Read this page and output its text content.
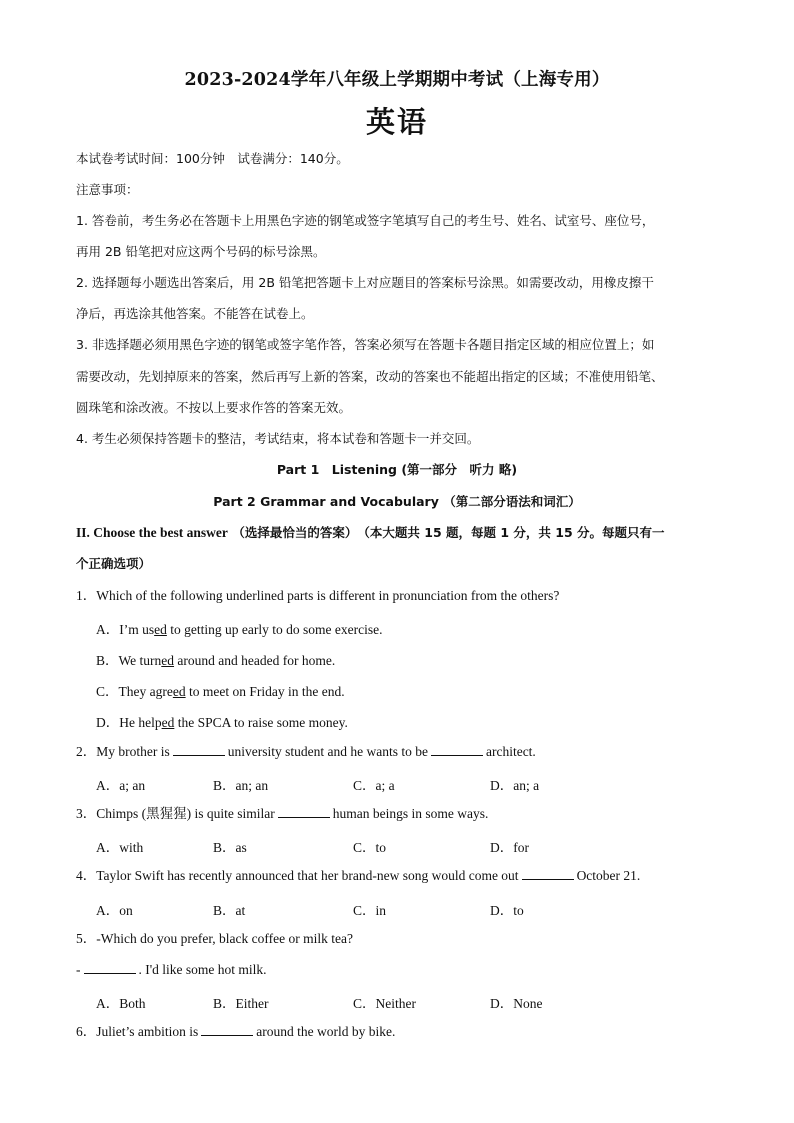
2023-2024学年八年级上学期期中考试（上海专用）
英语
本试卷考试时间：100分钟　试卷满分：140分。
注意事项：
1. 答卷前，考生务必在答题卡上用黑色字迹的钢笔或签字笔填写自己的考生号、姓名、试室号、座位号，
再用 2B 铅笔把对应这两个号码的标号涂黑。
2. 选择题每小题选出答案后，用 2B 铅笔把答题卡上对应题目的答案标号涂黑。如需要改动，用橡皮擦干
净后，再选涂其他答案。不能答在试卷上。
3. 非选择题必须用黑色字迹的钢笔或签字笔作答，答案必须写在答题卡各题目指定区域的相应位置上；如
需要改动，先划掉原来的答案，然后再写上新的答案，改动的答案也不能超出指定的区域；不准使用铅笔、
圆珠笔和涂改液。不按以上要求作答的答案无效。
4. 考生必须保持答题卡的整洁，考试结束，将本试卷和答题卡一并交回。
Part 1　Listening (第一部分　听力 略)
Part 2 Grammar and Vocabulary （第二部分语法和词汇）
II. Choose the best answer （选择最恰当的答案）　（本大题共 15 题，每题 1 分，共 15 分。每题只有一
个正确选项）
1．Which of the following underlined parts is different in pronunciation from the others?
A．I’m used to getting up early to do some exercise.
B．We turned around and headed for home.
C．They agreed to meet on Friday in the end.
D．He helped the SPCA to raise some money.
2．My brother is	university student and he wants to be	architect.
A．a; an	B．an; an	C．a; a	D．an; a
3．Chimps (黑猩猩) is quite similar	human beings in some ways.
A．with	B．as	C．to	D．for
4．Taylor Swift has recently announced that her brand-new song would come out	October 21.
A．on	B．at	C．in	D．to
5．-Which do you prefer, black coffee or milk tea?
-	. I'd like some hot milk.
A．Both	B．Either	C．Neither	D．None
6．Juliet’s ambition is	around the world by bike.
